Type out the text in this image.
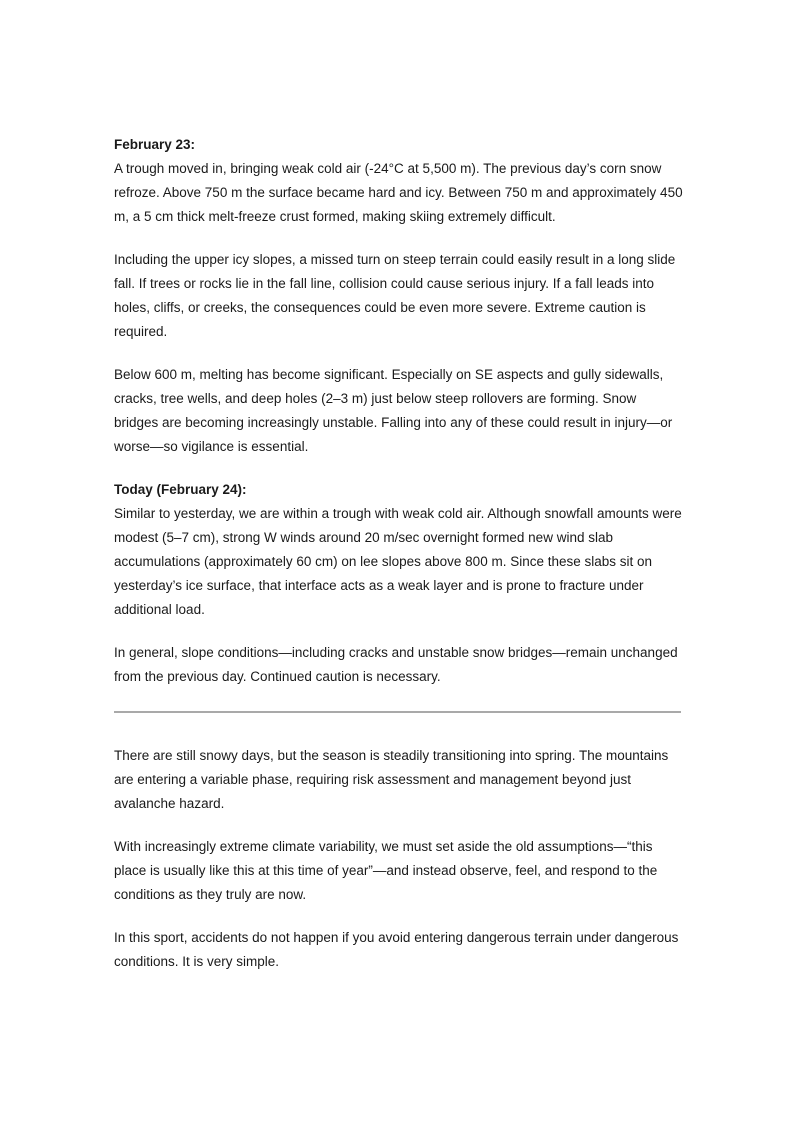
February 23:

A trough moved in, bringing weak cold air (-24°C at 5,500 m). The previous day’s corn snow refroze. Above 750 m the surface became hard and icy. Between 750 m and approximately 450 m, a 5 cm thick melt-freeze crust formed, making skiing extremely difficult.

Including the upper icy slopes, a missed turn on steep terrain could easily result in a long slide fall. If trees or rocks lie in the fall line, collision could cause serious injury. If a fall leads into holes, cliffs, or creeks, the consequences could be even more severe. Extreme caution is required.

Below 600 m, melting has become significant. Especially on SE aspects and gully sidewalls, cracks, tree wells, and deep holes (2–3 m) just below steep rollovers are forming. Snow bridges are becoming increasingly unstable. Falling into any of these could result in injury—or worse—so vigilance is essential.

Today (February 24):

Similar to yesterday, we are within a trough with weak cold air. Although snowfall amounts were modest (5–7 cm), strong W winds around 20 m/sec overnight formed new wind slab accumulations (approximately 60 cm) on lee slopes above 800 m. Since these slabs sit on yesterday’s ice surface, that interface acts as a weak layer and is prone to fracture under additional load.

In general, slope conditions—including cracks and unstable snow bridges—remain unchanged from the previous day. Continued caution is necessary.

There are still snowy days, but the season is steadily transitioning into spring. The mountains are entering a variable phase, requiring risk assessment and management beyond just avalanche hazard.

With increasingly extreme climate variability, we must set aside the old assumptions—“this place is usually like this at this time of year”—and instead observe, feel, and respond to the conditions as they truly are now.

In this sport, accidents do not happen if you avoid entering dangerous terrain under dangerous conditions. It is very simple.
